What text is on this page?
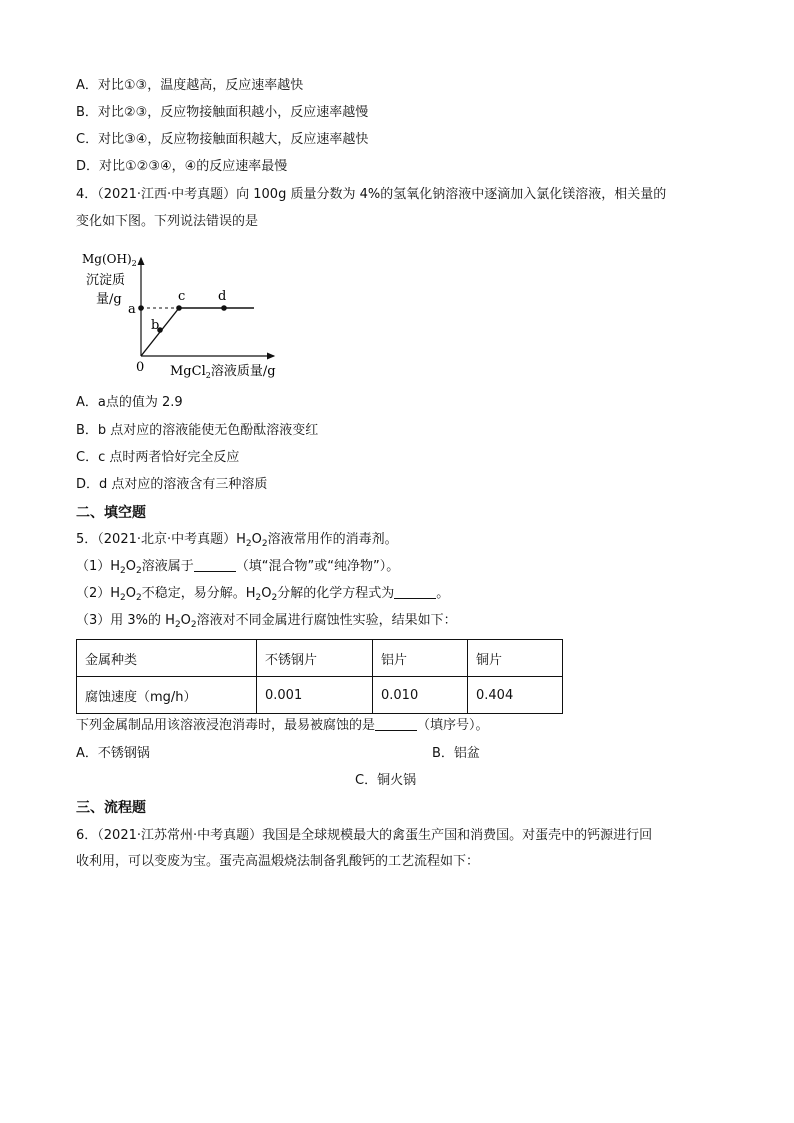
A．对比①③，温度越高，反应速率越快
B．对比②③，反应物接触面积越小，反应速率越慢
C．对比③④，反应物接触面积越大，反应速率越快
D．对比①②③④，④的反应速率最慢
4．（2021·江西·中考真题）向 100g 质量分数为 4%的氢氧化钠溶液中逐滴加入氯化镁溶液，相关量的
变化如下图。下列说法错误的是
$Mg(OH)_2$
沉淀质
量/g
a
b
c	d
0 MgCl$_2$溶液质量/g
A．a点的值为 2.9
B．b 点对应的溶液能使无色酚酞溶液变红
C．c 点时两者恰好完全反应
D．d 点对应的溶液含有三种溶质
二、填空题
5．（2021·北京·中考真题）$H_2O_2$溶液常用作的消毒剂。
$(1)H_2O_2$溶液属于	（填“混合物”或“纯净物”）。
$(2)H_2O_2$不稳定，易分解。$H_2O_2$分解的化学方程式为	。
（3）用 3%的 $H_2O_2$溶液对不同金属进行腐蚀性实验，结果如下：
金属种类	不锈钢片	铝片	铜片
腐蚀速度（mg/h）	0.001	0.010	0.404
下列金属制品用该溶液浸泡消毒时，最易被腐蚀的是	（填序号）。
A．不锈钢锅	B．铝盆
C．铜火锅
三、流程题
6．（2021·江苏常州·中考真题）我国是全球规模最大的禽蛋生产国和消费国。对蛋壳中的钙源进行回
收利用，可以变废为宝。蛋壳高温煅烧法制备乳酸钙的工艺流程如下：
